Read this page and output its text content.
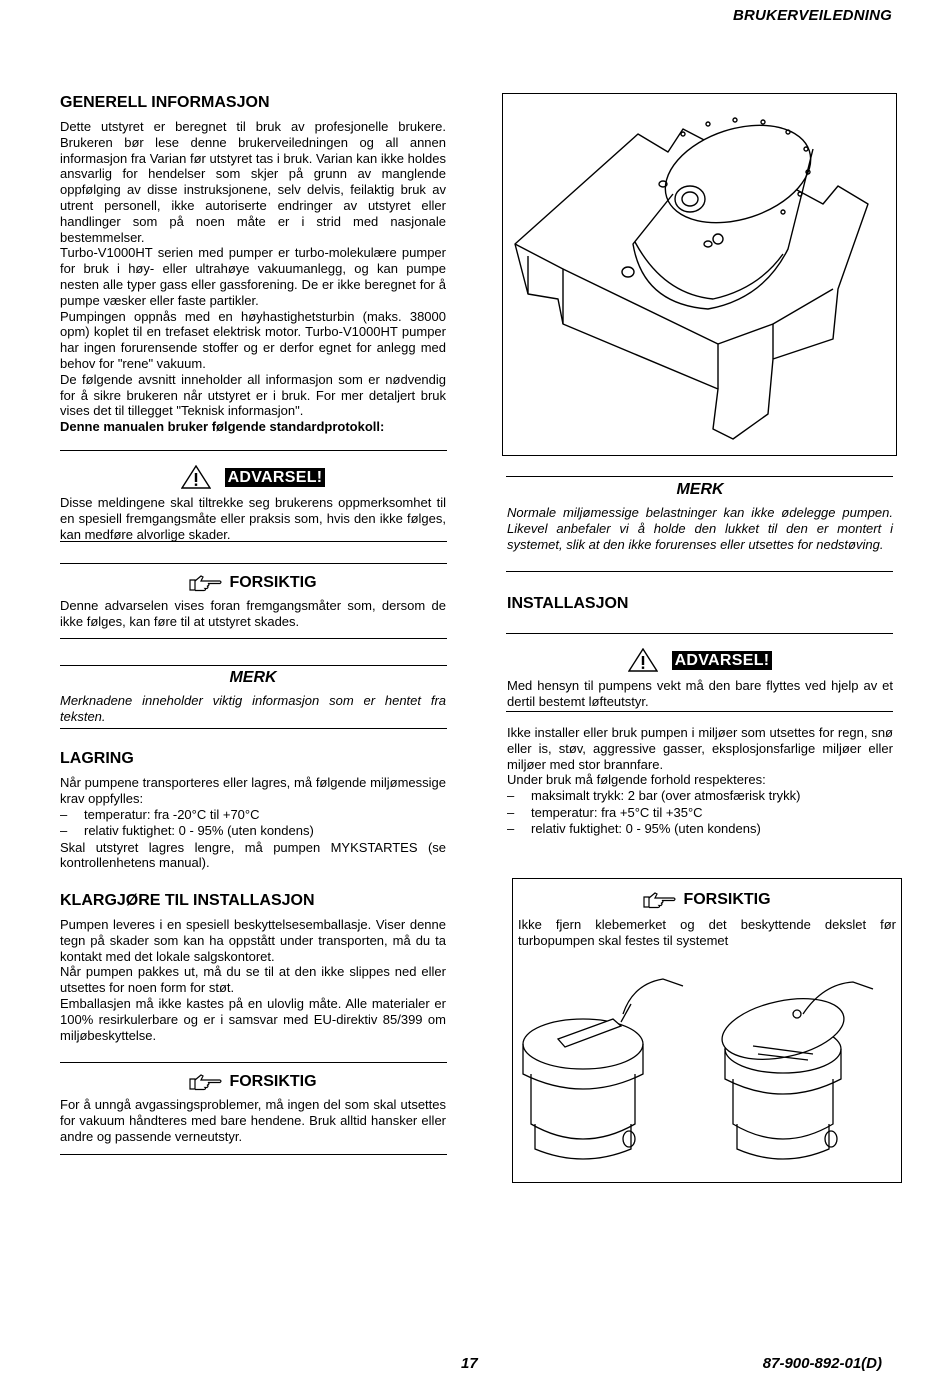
BRUKERVEILEDNING
GENERELL INFORMASJON

Dette utstyret er beregnet til bruk av profesjonelle brukere. Brukeren bør lese denne brukerveiledningen og all annen informasjon fra Varian før utstyret tas i bruk. Varian kan ikke holdes ansvarlig for hendelser som skjer på grunn av manglende oppfølging av disse instruksjonene, selv delvis, feilaktig bruk av utrent personell, ikke autoriserte endringer av utstyret eller handlinger som på noen måte er i strid med nasjonale bestemmelser.

Turbo-V1000HT serien med pumper er turbo-molekulære pumper for bruk i høy- eller ultrahøye vakuumanlegg, og kan pumpe nesten alle typer gass eller gassforening. De er ikke beregnet for å pumpe væsker eller faste partikler.

Pumpingen oppnås med en høyhastighetsturbin (maks. 38000 opm) koplet til en trefaset elektrisk motor. Turbo-V1000HT pumper har ingen forurensende stoffer og er derfor egnet for anlegg med behov for "rene" vakuum.

De følgende avsnitt inneholder all informasjon som er nødvendig for å sikre brukeren når utstyret er i bruk. For mer detaljert bruk vises det til tillegget "Teknisk informasjon".

Denne manualen bruker følgende standardprotokoll:

ADVARSEL!

Disse meldingene skal tiltrekke seg brukerens oppmerksomhet til en spesiell fremgangsmåte eller praksis som, hvis den ikke følges, kan medføre alvorlige skader.

FORSIKTIG

Denne advarselen vises foran fremgangsmåter som, dersom de ikke følges, kan føre til at utstyret skades.

MERK

Merknadene inneholder viktig informasjon som er hentet fra teksten.

LAGRING

Når pumpene transporteres eller lagres, må følgende miljømessige krav oppfylles:

– temperatur: fra -20°C til +70°C
– relativ fuktighet: 0 - 95% (uten kondens)

Skal utstyret lagres lengre, må pumpen MYKSTARTES (se kontrollenhetens manual).

KLARGJØRE TIL INSTALLASJON

Pumpen leveres i en spesiell beskyttelsesemballasje. Viser denne tegn på skader som kan ha oppstått under transporten, må du ta kontakt med det lokale salgskontoret.

Når pumpen pakkes ut, må du se til at den ikke slippes ned eller utsettes for noen form for støt.

Emballasjen må ikke kastes på en ulovlig måte. Alle materialer er 100% resirkulerbare og er i samsvar med EU-direktiv 85/399 om miljøbeskyttelse.

FORSIKTIG

For å unngå avgassingsproblemer, må ingen del som skal utsettes for vakuum håndteres med bare hendene. Bruk alltid hansker eller andre og passende verneutstyr.

MERK

Normale miljømessige belastninger kan ikke ødelegge pumpen. Likevel anbefaler vi å holde den lukket til den er montert i systemet, slik at den ikke forurenses eller utsettes for nedstøving.

INSTALLASJON
ADVARSEL!

Med hensyn til pumpens vekt må den bare flyttes ved hjelp av et dertil bestemt løfteutstyr.

Ikke installer eller bruk pumpen i miljøer som utsettes for regn, snø eller is, støv, aggressive gasser, eksplosjonsfarlige miljøer eller miljøer med stor brannfare.

Under bruk må følgende forhold respekteres:

– maksimalt trykk: 2 bar (over atmosfærisk trykk)
– temperatur: fra +5°C til +35°C
– relativ fuktighet: 0 - 95% (uten kondens)
FORSIKTIG

Ikke fjern klebemerket og det beskyttende dekslet før turbopumpen skal festes til systemet

17	87-900-892-01(D)
